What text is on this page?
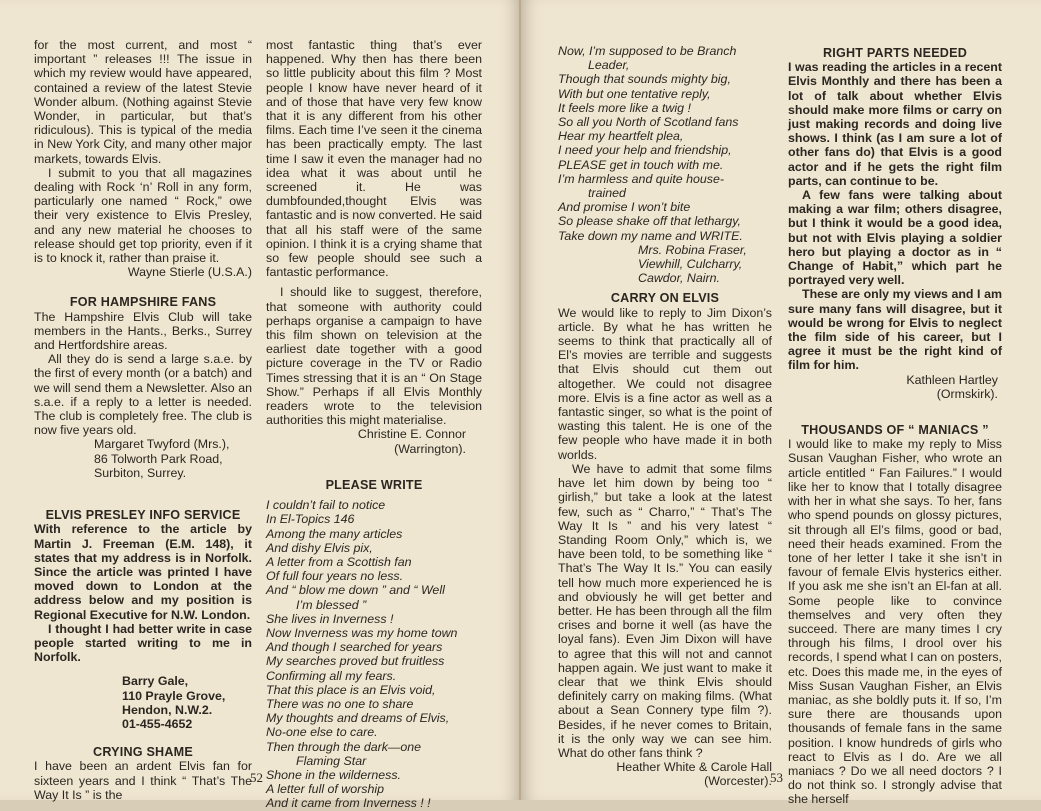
for the most current, and most “ important ” releases !!! The issue in which my review would have appeared, contained a review of the latest Stevie Wonder album. (Nothing against Stevie Wonder, in particular, but that’s ridiculous). This is typical of the media in New York City, and many other major markets, towards Elvis.

I submit to you that all magazines dealing with Rock ‘n’ Roll in any form, particularly one named “ Rock,” owe their very existence to Elvis Presley, and any new material he chooses to release should get top priority, even if it is to knock it, rather than praise it.

Wayne Stierle (U.S.A.)

FOR HAMPSHIRE FANS

The Hampshire Elvis Club will take members in the Hants., Berks., Surrey and Hertfordshire areas.

All they do is send a large s.a.e. by the first of every month (or a batch) and we will send them a Newsletter. Also an s.a.e. if a reply to a letter is needed. The club is completely free. The club is now five years old.

Margaret Twyford (Mrs.),
86 Tolworth Park Road,
Surbiton, Surrey.

ELVIS PRESLEY INFO SERVICE

With reference to the article by Martin J. Freeman (E.M. 148), it states that my address is in Norfolk. Since the article was printed I have moved down to London at the address below and my position is Regional Executive for N.W. London.

I thought I had better write in case people started writing to me in Norfolk.

Barry Gale,
110 Prayle Grove,
Hendon, N.W.2.
01-455-4652

CRYING SHAME

I have been an ardent Elvis fan for sixteen years and I think “ That’s The Way It Is ” is the

most fantastic thing that’s ever happened. Why then has there been so little publicity about this film ? Most people I know have never heard of it and of those that have very few know that it is any different from his other films. Each time I’ve seen it the cinema has been practically empty. The last time I saw it even the manager had no idea what it was about until he screened it. He was dumbfounded,thought Elvis was fantastic and is now converted. He said that all his staff were of the same opinion. I think it is a crying shame that so few people should see such a fantastic performance.

I should like to suggest, therefore, that someone with authority could perhaps organise a campaign to have this film shown on television at the earliest date together with a good picture coverage in the TV or Radio Times stressing that it is an “ On Stage Show.” Perhaps if all Elvis Monthly readers wrote to the television authorities this might materialise.

Christine E. Connor
(Warrington).

PLEASE WRITE

I couldn’t fail to notice
In El-Topics 146
Among the many articles
And dishy Elvis pix,
A letter from a Scottish fan
Of full four years no less.
And “ blow me down ” and “ Well
I’m blessed ”
She lives in Inverness !
Now Inverness was my home town
And though I searched for years
My searches proved but fruitless
Confirming all my fears.
That this place is an Elvis void,
There was no one to share
My thoughts and dreams of Elvis,
No-one else to care.
Then through the dark—one
Flaming Star
Shone in the wilderness.
A letter full of worship
And it came from Inverness ! !
52
Now, I’m supposed to be Branch
Leader,
Though that sounds mighty big,
With but one tentative reply,
It feels more like a twig !
So all you North of Scotland fans
Hear my heartfelt plea,
I need your help and friendship,
PLEASE get in touch with me.
I’m harmless and quite house-
trained
And promise I won’t bite
So please shake off that lethargy,
Take down my name and WRITE.
Mrs. Robina Fraser,
Viewhill, Culcharry,
Cawdor, Nairn.

CARRY ON ELVIS

We would like to reply to Jim Dixon’s article. By what he has written he seems to think that practically all of El’s movies are terrible and suggests that Elvis should cut them out altogether. We could not disagree more. Elvis is a fine actor as well as a fantastic singer, so what is the point of wasting this talent. He is one of the few people who have made it in both worlds.

We have to admit that some films have let him down by being too “ girlish,” but take a look at the latest few, such as “ Charro,” “ That’s The Way It Is ” and his very latest “ Standing Room Only,” which is, we have been told, to be something like “ That’s The Way It Is.” You can easily tell how much more experienced he is and obviously he will get better and better. He has been through all the film crises and borne it well (as have the loyal fans). Even Jim Dixon will have to agree that this will not and cannot happen again. We just want to make it clear that we think Elvis should definitely carry on making films. (What about a Sean Connery type film ?). Besides, if he never comes to Britain, it is the only way we can see him. What do other fans think ?

Heather White & Carole Hall
(Worcester).

RIGHT PARTS NEEDED

I was reading the articles in a recent Elvis Monthly and there has been a lot of talk about whether Elvis should make more films or carry on just making records and doing live shows. I think (as I am sure a lot of other fans do) that Elvis is a good actor and if he gets the right film parts, can continue to be.

A few fans were talking about making a war film; others disagree, but I think it would be a good idea, but not with Elvis playing a soldier hero but playing a doctor as in “ Change of Habit,” which part he portrayed very well.

These are only my views and I am sure many fans will disagree, but it would be wrong for Elvis to neglect the film side of his career, but I agree it must be the right kind of film for him.

Kathleen Hartley
(Ormskirk).

THOUSANDS OF “ MANIACS ”

I would like to make my reply to Miss Susan Vaughan Fisher, who wrote an article entitled “ Fan Failures.” I would like her to know that I totally disagree with her in what she says. To her, fans who spend pounds on glossy pictures, sit through all El’s films, good or bad, need their heads examined. From the tone of her letter I take it she isn’t in favour of female Elvis hysterics either. If you ask me she isn’t an El-fan at all. Some people like to convince themselves and very often they succeed. There are many times I cry through his films, I drool over his records, I spend what I can on posters, etc. Does this made me, in the eyes of Miss Susan Vaughan Fisher, an Elvis maniac, as she boldly puts it. If so, I’m sure there are thousands upon thousands of female fans in the same position. I know hundreds of girls who react to Elvis as I do. Are we all maniacs ? Do we all need doctors ? I do not think so. I strongly advise that she herself

53
